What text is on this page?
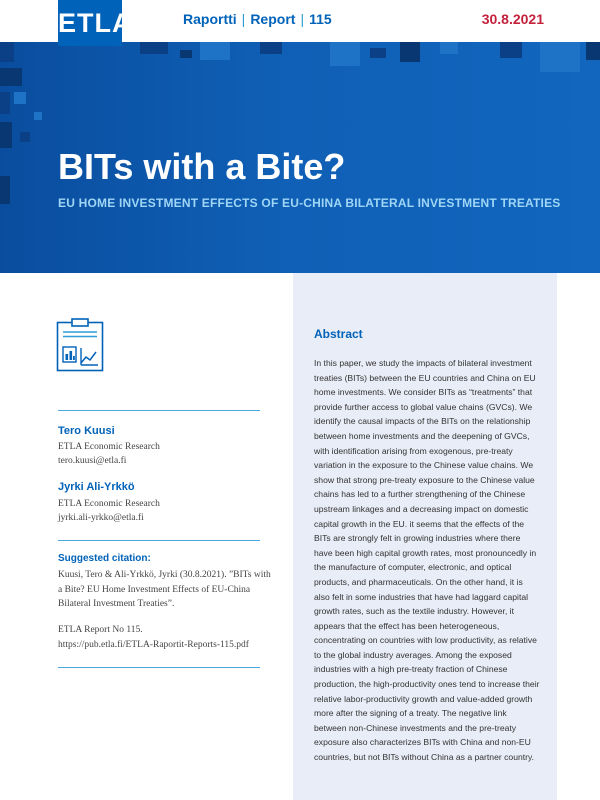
Raportti | Report | 115	30.8.2021
ETLA
BITs with a Bite?

EU HOME INVESTMENT EFFECTS OF EU-CHINA BILATERAL INVESTMENT TREATIES

Tero Kuusi

ETLA Economic Research

tero.kuusi@etla.fi

Jyrki Ali-Yrkkö

ETLA Economic Research

jyrki.ali-yrkko@etla.fi

Suggested citation:

Kuusi, Tero & Ali-Yrkkö, Jyrki (30.8.2021). ”BITs with a Bite? EU Home Investment Effects of EU-China Bilateral Investment Treaties”.

ETLA Report No 115.
https://pub.etla.fi/ETLA-Raportit-Reports-115.pdf
Abstract

In this paper, we study the impacts of bilateral investment treaties (BITs) between the EU countries and China on EU home investments. We consider BITs as “treatments” that provide further access to global value chains (GVCs). We identify the causal impacts of the BITs on the relationship between home investments and the deepening of GVCs, with identification arising from exogenous, pre-treaty variation in the exposure to the Chinese value chains. We show that strong pre-treaty exposure to the Chinese value chains has led to a further strengthening of the Chinese upstream linkages and a decreasing impact on domestic capital growth in the EU. it seems that the effects of the BITs are strongly felt in growing industries where there have been high capital growth rates, most pronouncedly in the manufacture of computer, electronic, and optical products, and pharmaceuticals. On the other hand, it is also felt in some industries that have had laggard capital growth rates, such as the textile industry. However, it appears that the effect has been heterogeneous, concentrating on countries with low productivity, as relative to the global industry averages. Among the exposed industries with a high pre-treaty fraction of Chinese production, the high-productivity ones tend to increase their relative labor-productivity growth and value-added growth more after the signing of a treaty. The negative link between non-Chinese investments and the pre-treaty exposure also characterizes BITs with China and non-EU countries, but not BITs without China as a partner country.
